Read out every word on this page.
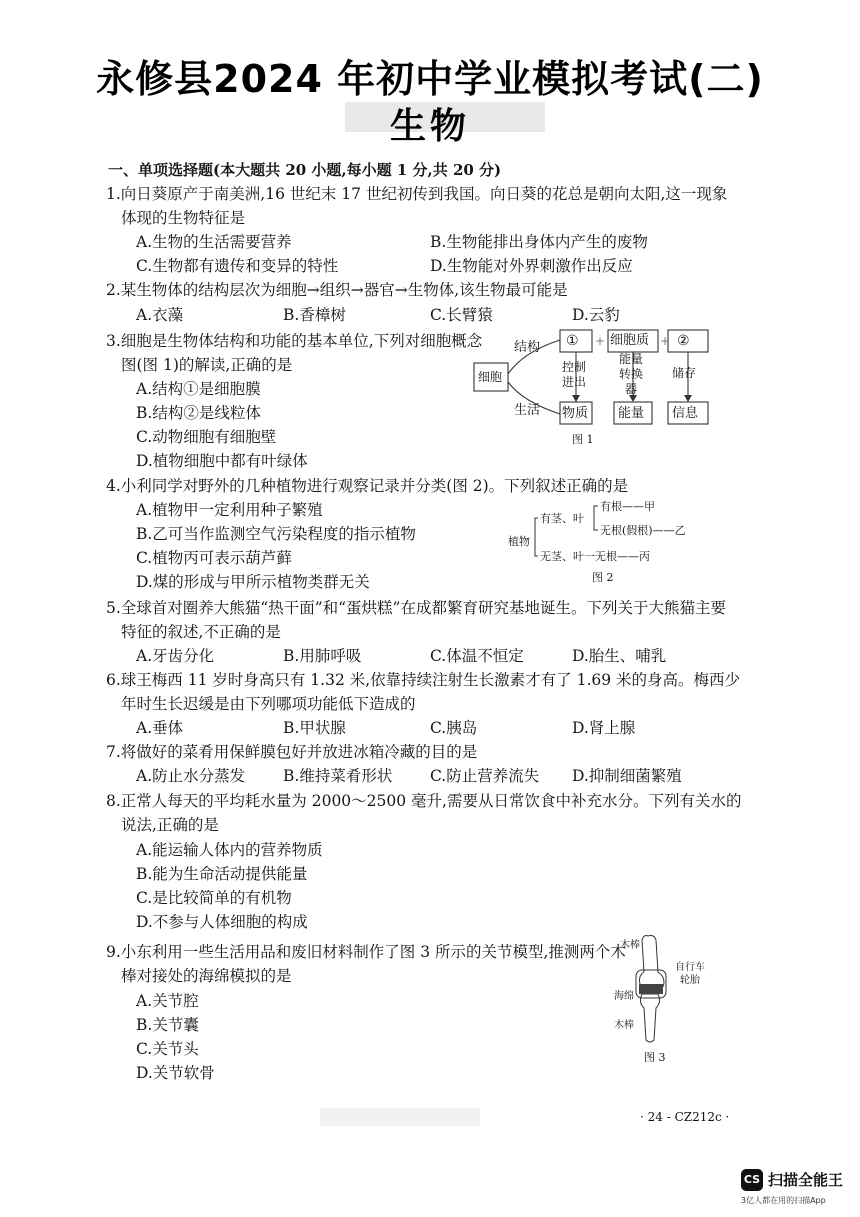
永修县2024 年初中学业模拟考试(二)
生物
一、单项选择题(本大题共 20 小题,每小题 1 分,共 20 分)
1.向日葵原产于南美洲,16 世纪末 17 世纪初传到我国。向日葵的花总是朝向太阳,这一现象
体现的生物特征是
A.生物的生活需要营养	B.生物能排出身体内产生的废物
C.生物都有遗传和变异的特性	D.生物能对外界刺激作出反应
2.某生物体的结构层次为细胞→组织→器官→生物体,该生物最可能是
A.衣藻	B.香樟树	C.长臂猿	D.云豹
3.细胞是生物体结构和功能的基本单位,下列对细胞概念
图(图 1)的解读,正确的是
A.结构①是细胞膜
B.结构②是线粒体
C.动物细胞有细胞壁
D.植物细胞中都有叶绿体
细胞
结构
生活
① + 细胞质 + ②
控制
进出
能量
转换
器
储存
物质 能量 信息
图 1
4.小利同学对野外的几种植物进行观察记录并分类(图 2)。下列叙述正确的是
A.植物甲一定利用种子繁殖
B.乙可当作监测空气污染程度的指示植物
C.植物丙可表示葫芦藓
D.煤的形成与甲所示植物类群无关
植物
有茎、叶
有根——甲
无根(假根)——乙
无茎、叶一无根——丙
图 2
5.全球首对圈养大熊猫“热干面”和“蛋烘糕”在成都繁育研究基地诞生。下列关于大熊猫主要
特征的叙述,不正确的是
A.牙齿分化	B.用肺呼吸	C.体温不恒定	D.胎生、哺乳
6.球王梅西 11 岁时身高只有 1.32 米,依靠持续注射生长激素才有了 1.69 米的身高。梅西少
年时生长迟缓是由下列哪项功能低下造成的
A.垂体	B.甲状腺	C.胰岛	D.肾上腺
7.将做好的菜肴用保鲜膜包好并放进冰箱冷藏的目的是
A.防止水分蒸发 B.维持菜肴形状 C.防止营养流失 D.抑制细菌繁殖
8.正常人每天的平均耗水量为 2000～2500 毫升,需要从日常饮食中补充水分。下列有关水的
说法,正确的是
A.能运输人体内的营养物质
B.能为生命活动提供能量
C.是比较简单的有机物
D.不参与人体细胞的构成
9.小东利用一些生活用品和废旧材料制作了图 3 所示的关节模型,推测两个木
棒对接处的海绵模拟的是
A.关节腔
B.关节囊
C.关节头
D.关节软骨
木棒
自行车
轮胎
海绵
木棒
图 3
· 24 - CZ212c ·
CS 扫描全能王
3亿人都在用的扫描App
